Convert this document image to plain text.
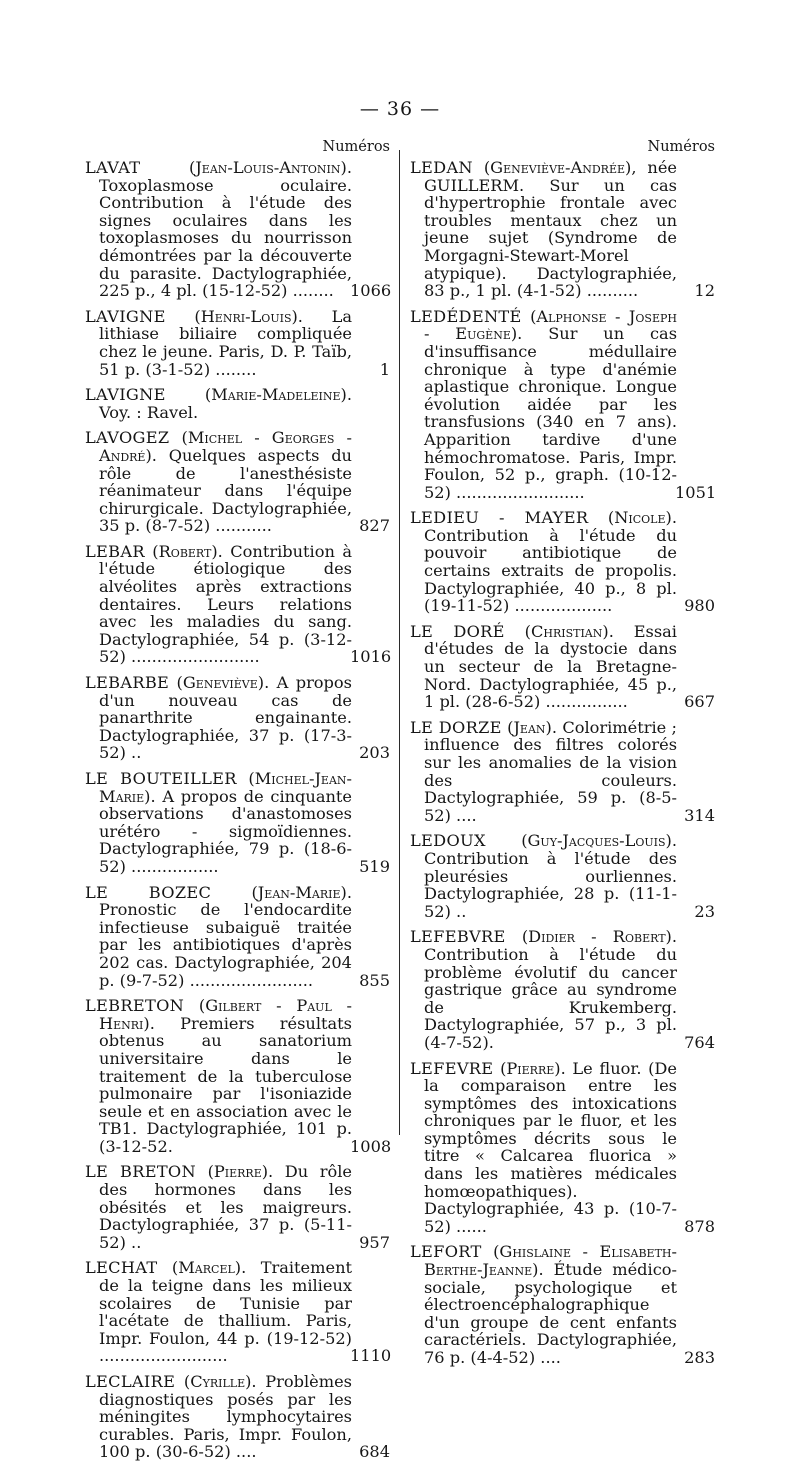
— 36 —
Numéros
LAVAT	(Jean-Louis-Antonin). Toxoplasmose oculaire. Contribution à l'étude des signes oculaires dans les toxoplasmoses du nourrisson démontrées par la découverte du parasite. Dactylographiée, 225 p., 4 pl. (15-12-52) ........ 1066
LAVIGNE (Henri-Louis). La lithiase biliaire compliquée chez le jeune. Paris, D. P. Taïb, 51 p. (3-1-52) ........	1
LAVIGNE (Marie-Madeleine). Voy. : Ravel.
LAVOGEZ (Michel - Georges - André). Quelques aspects du rôle de l'anesthésiste réanimateur dans l'équipe chirurgicale. Dactylographiée, 35 p. (8-7-52) ...........	827
LEBAR (Robert). Contribution à l'étude étiologique des alvéolites après extractions dentaires. Leurs relations avec les maladies du sang. Dactylographiée, 54 p. (3-12-52) .........................	1016
LEBARBE (Geneviève). A propos d'un nouveau cas de panarthrite engainante. Dactylographiée, 37 p. (17-3-52) ..	203
LE BOUTEILLER (Michel-Jean-Marie). A propos de cinquante observations d'anastomoses urétéro - sigmoïdiennes. Dactylographiée, 79 p. (18-6-52) .................	519
LE BOZEC (Jean-Marie). Pronostic de l'endocardite infectieuse subaiguë traitée par les antibiotiques d'après 202 cas. Dactylographiée, 204 p. (9-7-52) ........................	855
LEBRETON (Gilbert - Paul - Henri). Premiers résultats obtenus au sanatorium universitaire dans le traitement de la tuberculose pulmonaire par l'isoniazide seule et en association avec le TB1. Dactylographiée, 101 p. (3-12-52.	1008
LE BRETON (Pierre). Du rôle des hormones dans les obésités et les maigreurs. Dactylographiée, 37 p. (5-11-52) ..	957
LECHAT (Marcel). Traitement de la teigne dans les milieux scolaires de Tunisie par l'acétate de thallium. Paris, Impr. Foulon, 44 p. (19-12-52) .........................	1110
LECLAIRE (Cyrille). Problèmes diagnostiques posés par les méningites lymphocytaires curables. Paris, Impr. Foulon, 100 p. (30-6-52) ....	684
Numéros
LEDAN (Geneviève-Andrée), née GUILLERM. Sur un cas d'hypertrophie frontale avec troubles mentaux chez un jeune sujet (Syndrome de Morgagni-Stewart-Morel atypique). Dactylographiée, 83 p., 1 pl. (4-1-52) ..........	12
LEDÉDENTÉ (Alphonse - Joseph - Eugène). Sur un cas d'insuffisance médullaire chronique à type d'anémie aplastique chronique. Longue évolution aidée par les transfusions (340 en 7 ans). Apparition tardive d'une hémochromatose. Paris, Impr. Foulon, 52 p., graph. (10-12-52) .........................	1051
LEDIEU - MAYER (Nicole). Contribution à l'étude du pouvoir antibiotique de certains extraits de propolis. Dactylographiée, 40 p., 8 pl. (19-11-52) ...................	980
LE DORÉ (Christian). Essai d'études de la dystocie dans un secteur de la Bretagne-Nord. Dactylographiée, 45 p., 1 pl. (28-6-52) ................	667
LE DORZE (Jean). Colorimétrie ; influence des filtres colorés sur les anomalies de la vision des couleurs. Dactylographiée, 59 p. (8-5-52) ....	314
LEDOUX (Guy-Jacques-Louis). Contribution à l'étude des pleurésies ourliennes. Dactylographiée, 28 p. (11-1-52) ..	23
LEFEBVRE (Didier - Robert). Contribution à l'étude du problème évolutif du cancer gastrique grâce au syndrome de Krukemberg. Dactylographiée, 57 p., 3 pl. (4-7-52).	764
LEFEVRE (Pierre). Le fluor. (De la comparaison entre les symptômes des intoxications chroniques par le fluor, et les symptômes décrits sous le titre « Calcarea fluorica » dans les matières médicales homœopathiques). Dactylographiée, 43 p. (10-7-52) ......	878
LEFORT (Ghislaine - Elisabeth-Berthe-Jeanne). Étude médico-sociale, psychologique et électroencéphalographique d'un groupe de cent enfants caractériels. Dactylographiée, 76 p. (4-4-52) ....	283
